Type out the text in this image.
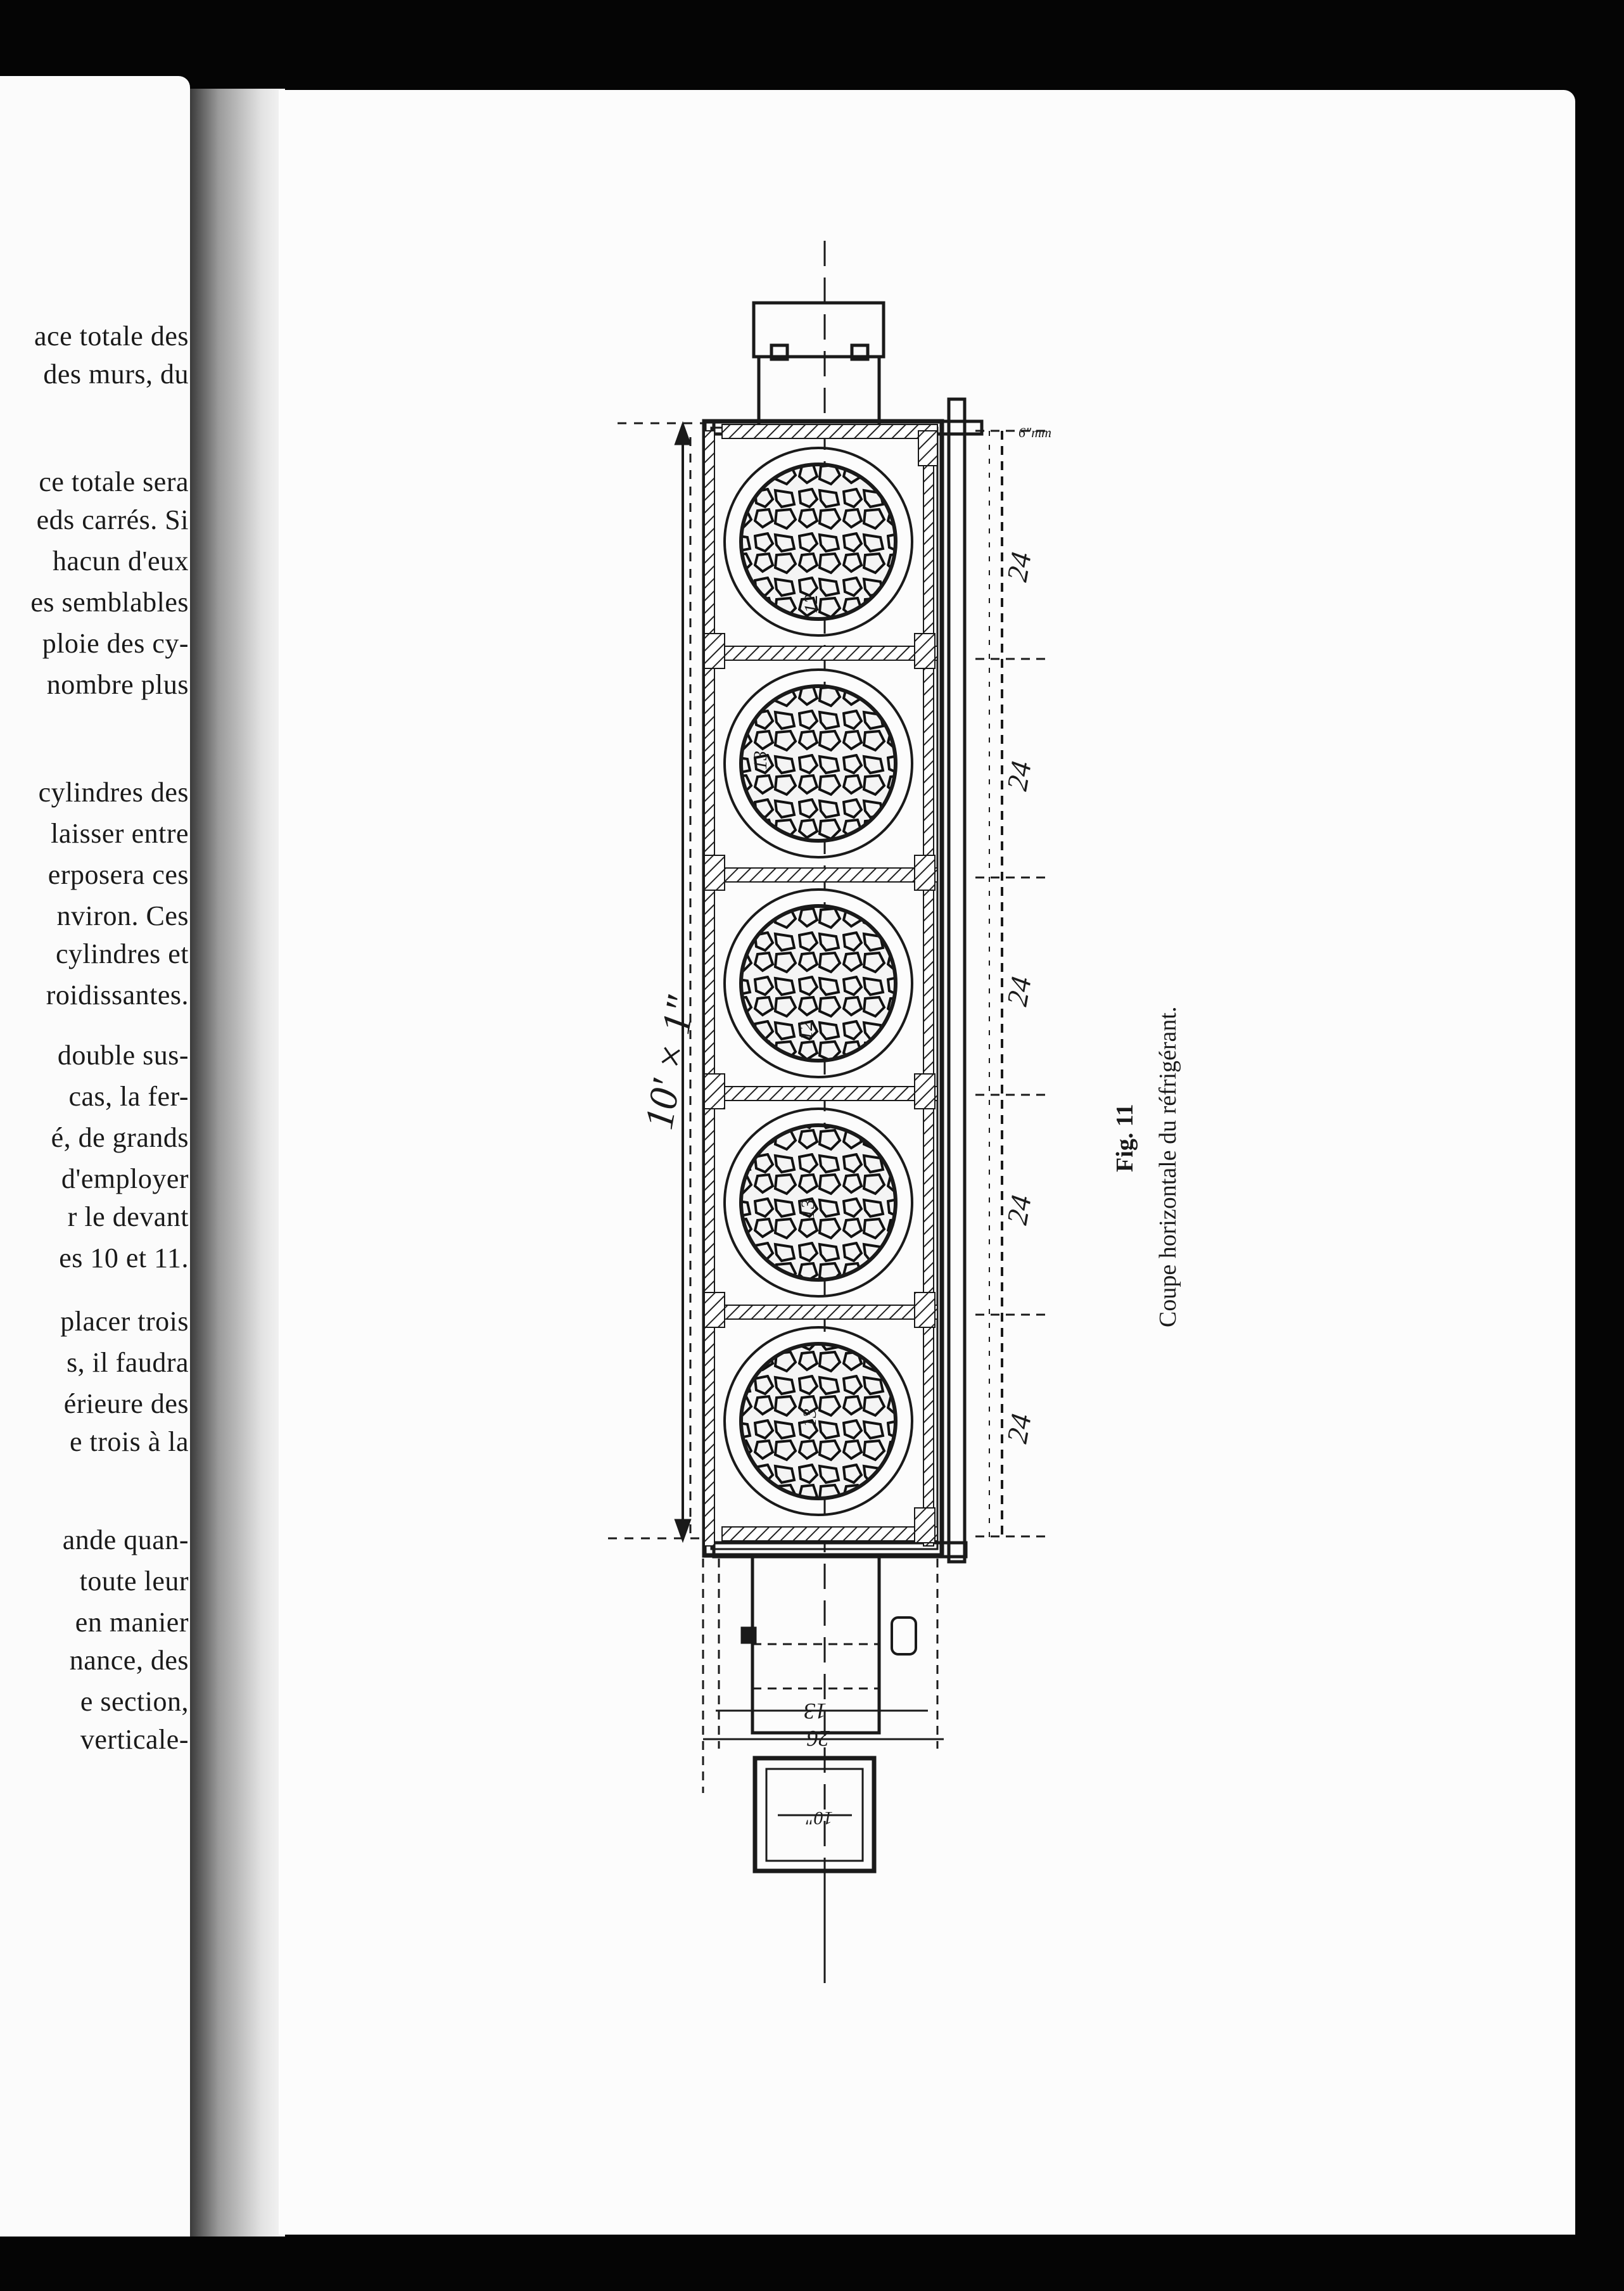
ace totale des
des murs, du
ce totale sera
eds carrés. Si
hacun d'eux
es semblables
ploie des cy-
nombre plus
cylindres des
laisser entre
erposera ces
nviron. Ces
cylindres et
roidissantes.
double sus-
cas, la fer-
é, de grands
d'employer
r le devant
es 10 et 11.
placer trois
s, il faudra
érieure des
e trois à la
ande quan-
toute leur
en manier
nance, des
e section,
verticale-
10' × 1"
24
24
24
24
24
6"mm
13
26
10"
12
13
12
13
13
Fig. 11 Coupe horizontale du réfrigérant.
